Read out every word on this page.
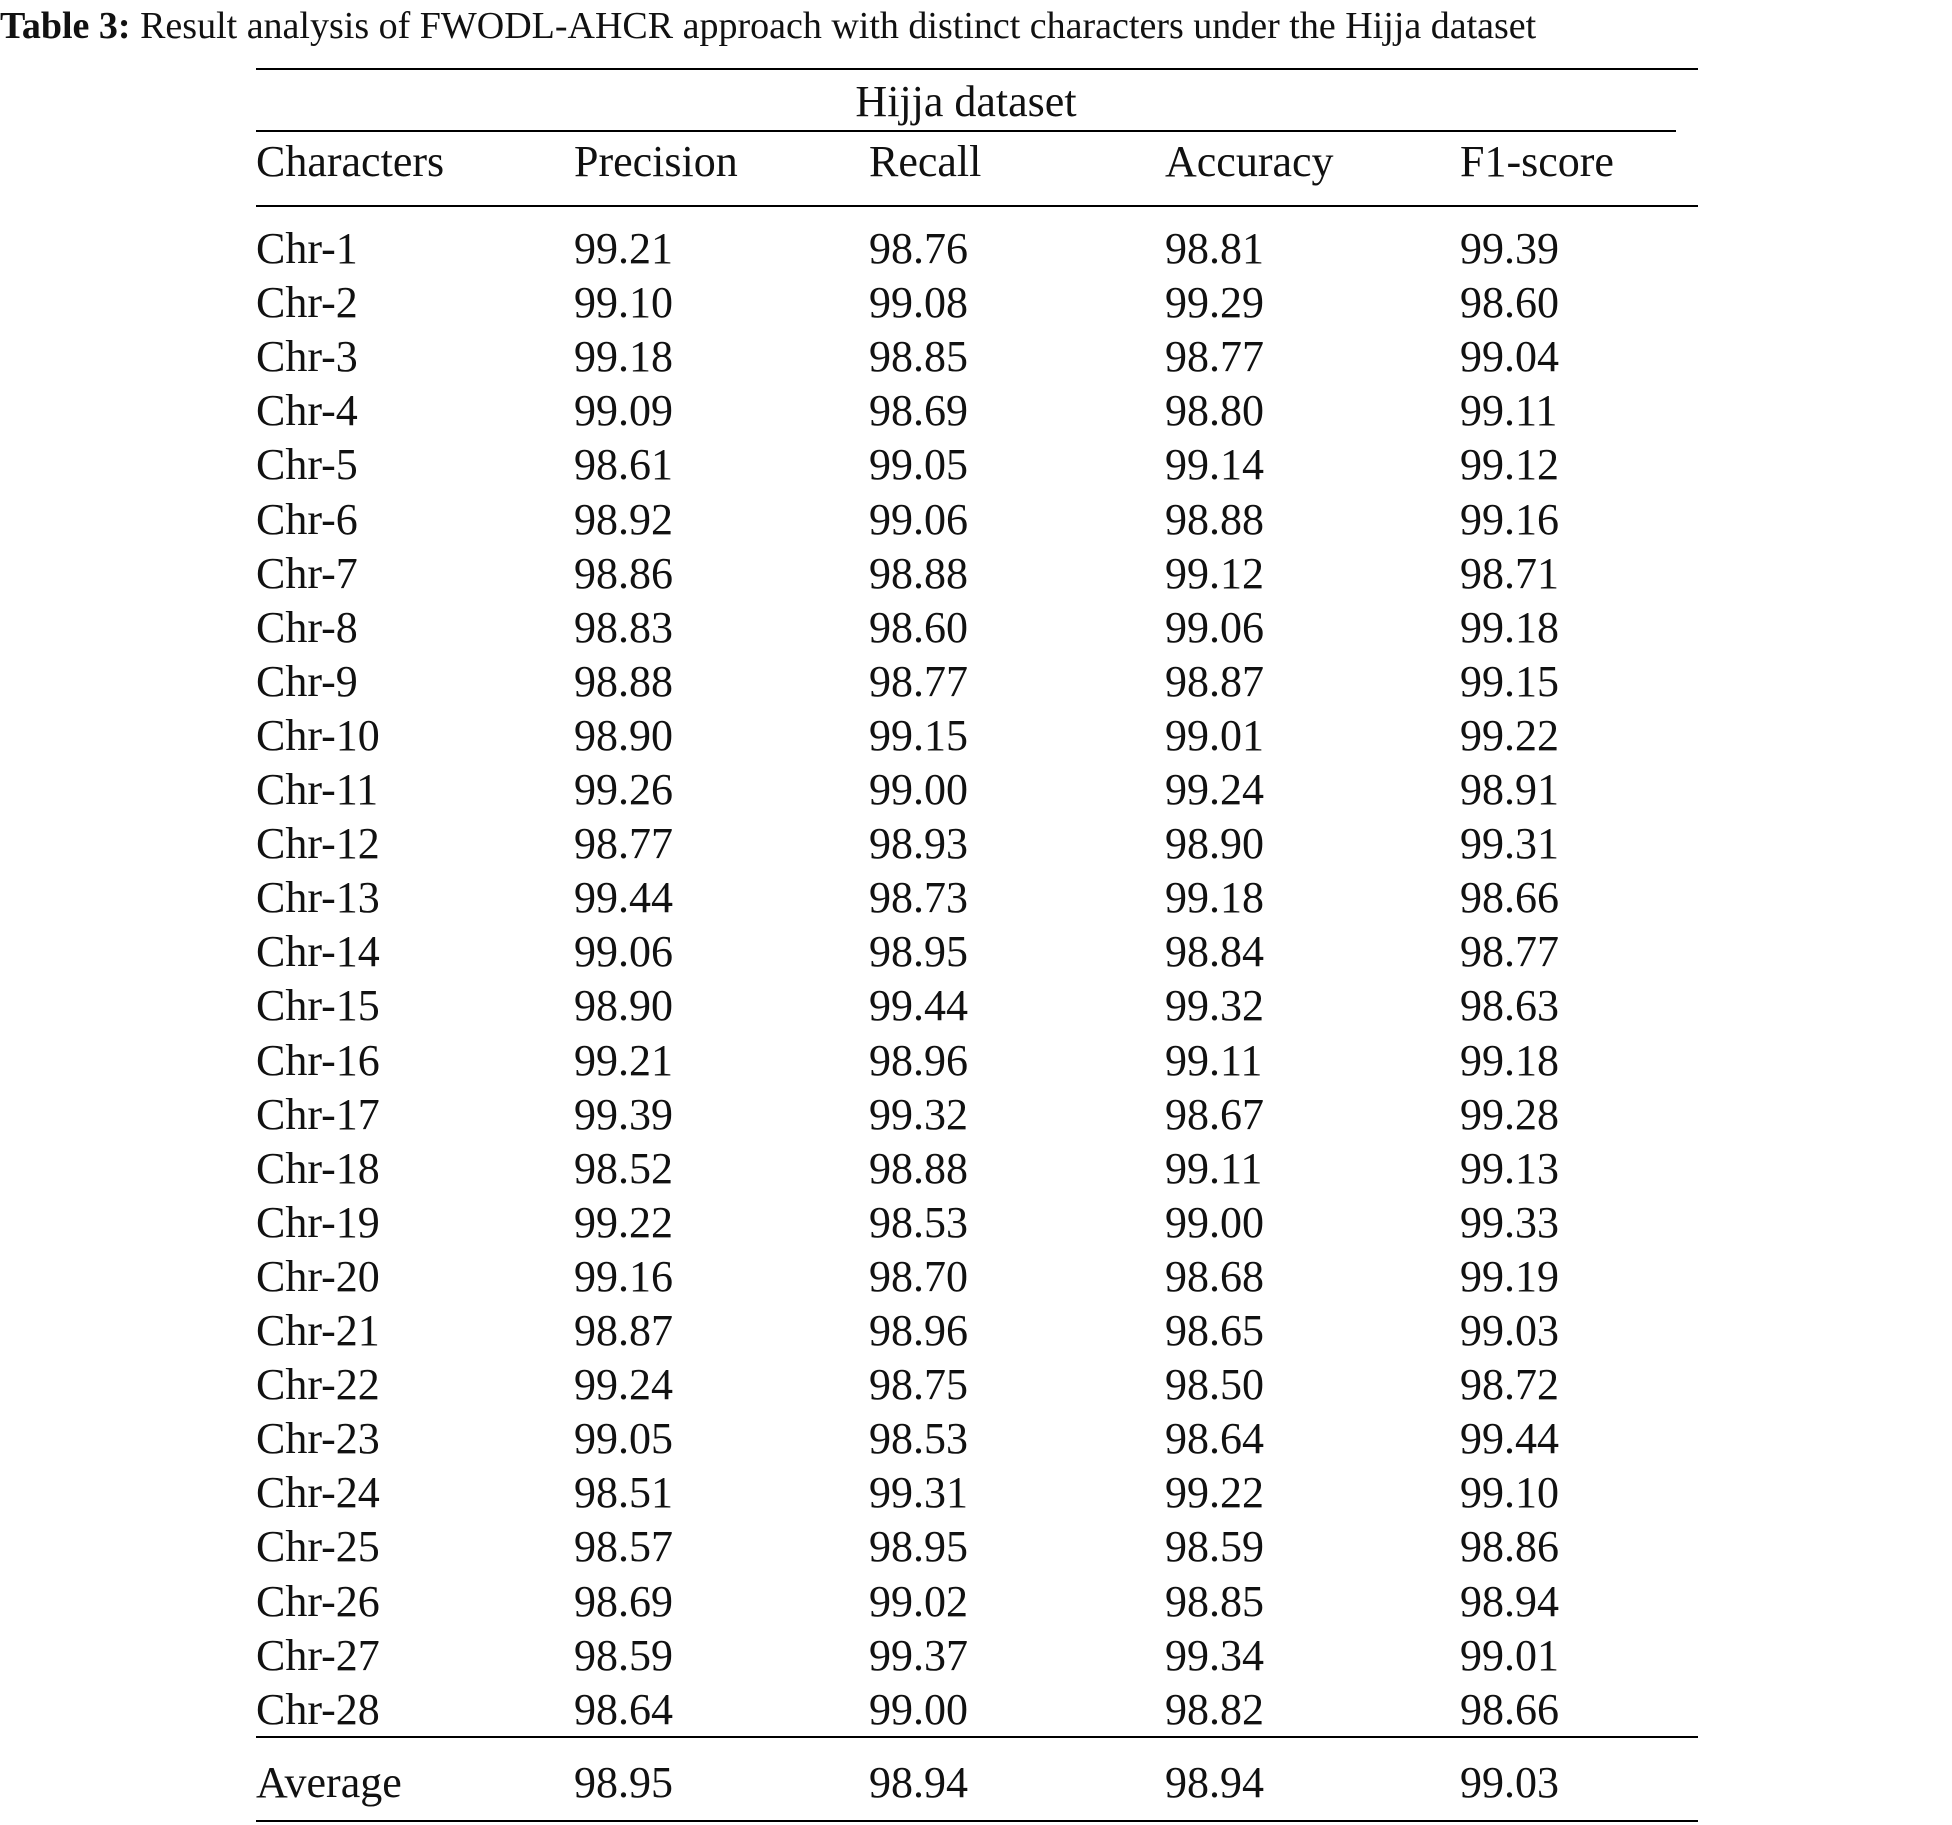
Table 3: Result analysis of FWODL-AHCR approach with distinct characters under the Hijja dataset
Hijja dataset
Characters	Precision	Recall	Accuracy	F1-score
Chr-1	99.21	98.76	98.81	99.39
Chr-2	99.10	99.08	99.29	98.60
Chr-3	99.18	98.85	98.77	99.04
Chr-4	99.09	98.69	98.80	99.11
Chr-5	98.61	99.05	99.14	99.12
Chr-6	98.92	99.06	98.88	99.16
Chr-7	98.86	98.88	99.12	98.71
Chr-8	98.83	98.60	99.06	99.18
Chr-9	98.88	98.77	98.87	99.15
Chr-10	98.90	99.15	99.01	99.22
Chr-11	99.26	99.00	99.24	98.91
Chr-12	98.77	98.93	98.90	99.31
Chr-13	99.44	98.73	99.18	98.66
Chr-14	99.06	98.95	98.84	98.77
Chr-15	98.90	99.44	99.32	98.63
Chr-16	99.21	98.96	99.11	99.18
Chr-17	99.39	99.32	98.67	99.28
Chr-18	98.52	98.88	99.11	99.13
Chr-19	99.22	98.53	99.00	99.33
Chr-20	99.16	98.70	98.68	99.19
Chr-21	98.87	98.96	98.65	99.03
Chr-22	99.24	98.75	98.50	98.72
Chr-23	99.05	98.53	98.64	99.44
Chr-24	98.51	99.31	99.22	99.10
Chr-25	98.57	98.95	98.59	98.86
Chr-26	98.69	99.02	98.85	98.94
Chr-27	98.59	99.37	99.34	99.01
Chr-28	98.64	99.00	98.82	98.66
Average	98.95	98.94	98.94	99.03
